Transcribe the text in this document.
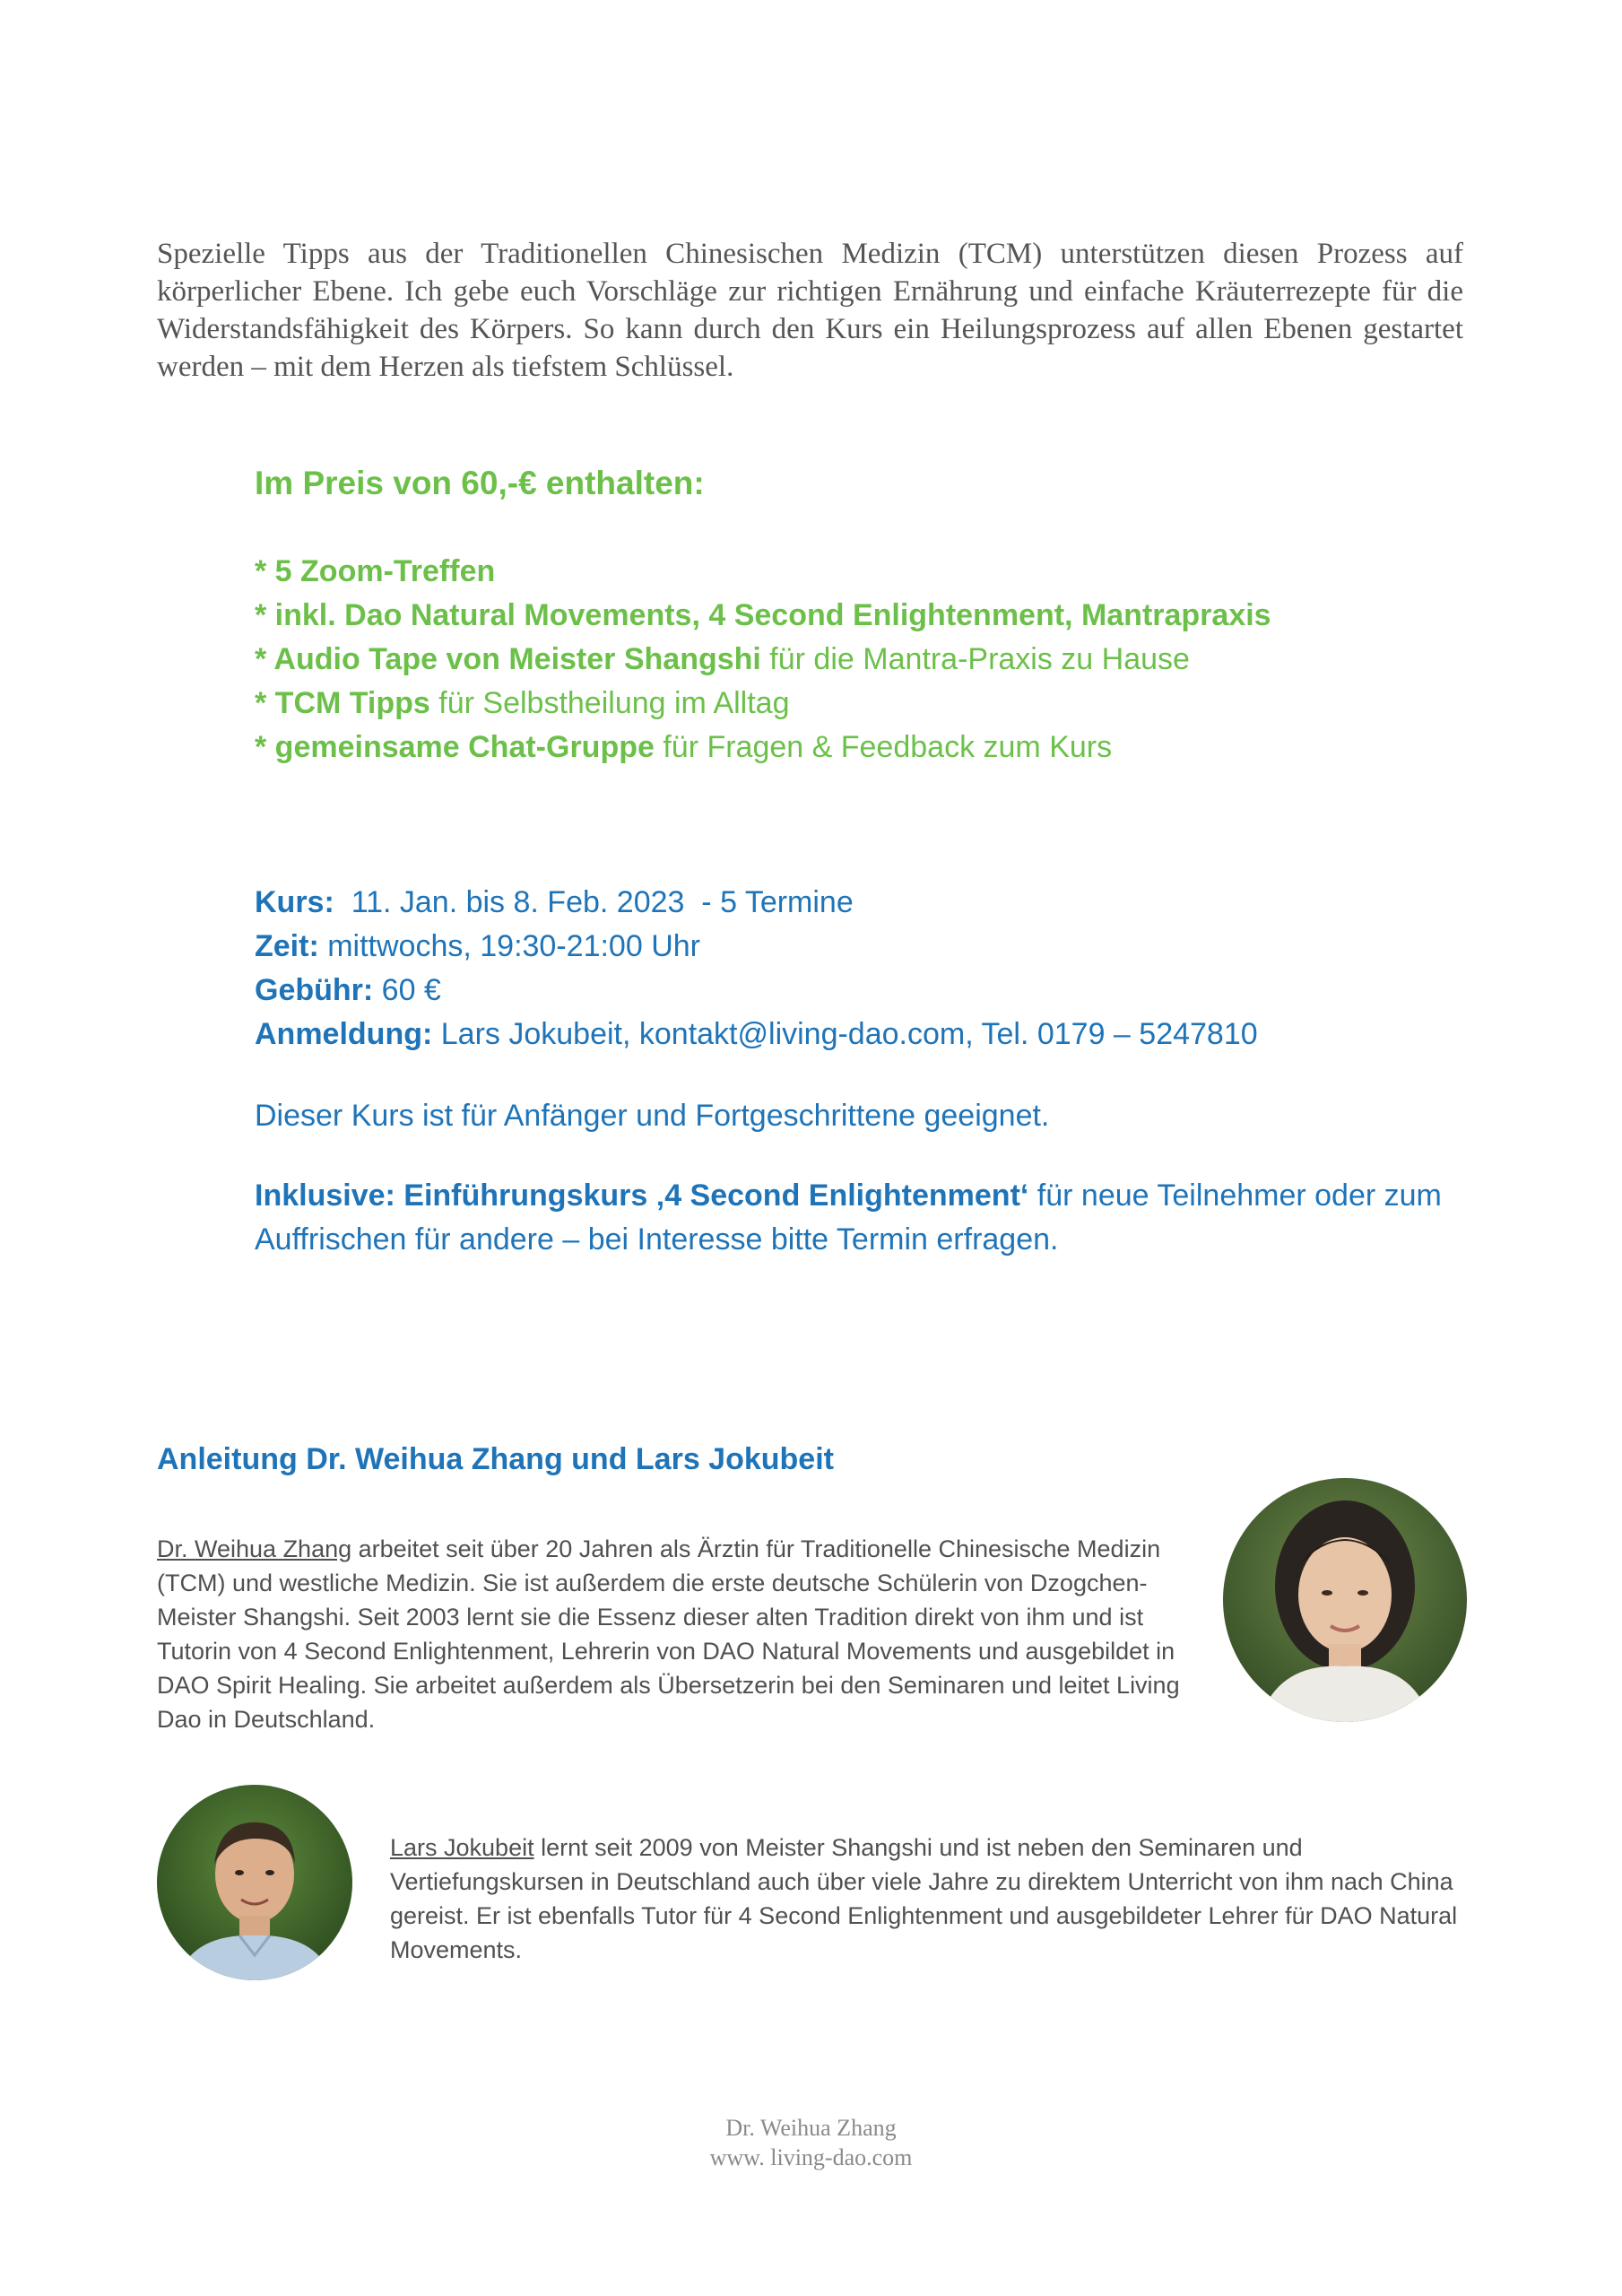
Spezielle Tipps aus der Traditionellen Chinesischen Medizin (TCM) unterstützen diesen Prozess auf körperlicher Ebene. Ich gebe euch Vorschläge zur richtigen Ernährung und einfache Kräuterrezepte für die Widerstandsfähigkeit des Körpers. So kann durch den Kurs ein Heilungsprozess auf allen Ebenen gestartet werden – mit dem Herzen als tiefstem Schlüssel.

Im Preis von 60,-€ enthalten:

* 5 Zoom-Treffen

* inkl. Dao Natural Movements, 4 Second Enlightenment, Mantrapraxis

* Audio Tape von Meister Shangshi für die Mantra-Praxis zu Hause

* TCM Tipps für Selbstheilung im Alltag

* gemeinsame Chat-Gruppe für Fragen & Feedback zum Kurs

Kurs:  11. Jan. bis 8. Feb. 2023  - 5 Termine

Zeit: mittwochs, 19:30-21:00 Uhr

Gebühr: 60 €

Anmeldung: Lars Jokubeit, kontakt@living-dao.com, Tel. 0179 – 5247810

Dieser Kurs ist für Anfänger und Fortgeschrittene geeignet.

Inklusive: Einführungskurs ‚4 Second Enlightenment‘ für neue Teilnehmer oder zum Auffrischen für andere – bei Interesse bitte Termin erfragen.

Anleitung Dr. Weihua Zhang und Lars Jokubeit

Dr. Weihua Zhang arbeitet seit über 20 Jahren als Ärztin für Traditionelle Chinesische Medizin (TCM) und westliche Medizin. Sie ist außerdem die erste deutsche Schülerin von Dzogchen-Meister Shangshi. Seit 2003 lernt sie die Essenz dieser alten Tradition direkt von ihm und ist Tutorin von 4 Second Enlightenment, Lehrerin von DAO Natural Movements und ausgebildet in DAO Spirit Healing. Sie arbeitet außerdem als Übersetzerin bei den Seminaren und leitet Living Dao in Deutschland.

Lars Jokubeit lernt seit 2009 von Meister Shangshi und ist neben den Seminaren und Vertiefungskursen in Deutschland auch über viele Jahre zu direktem Unterricht von ihm nach China gereist. Er ist ebenfalls Tutor für 4 Second Enlightenment und ausgebildeter Lehrer für DAO Natural Movements.

Dr. Weihua Zhang

www. living-dao.com
